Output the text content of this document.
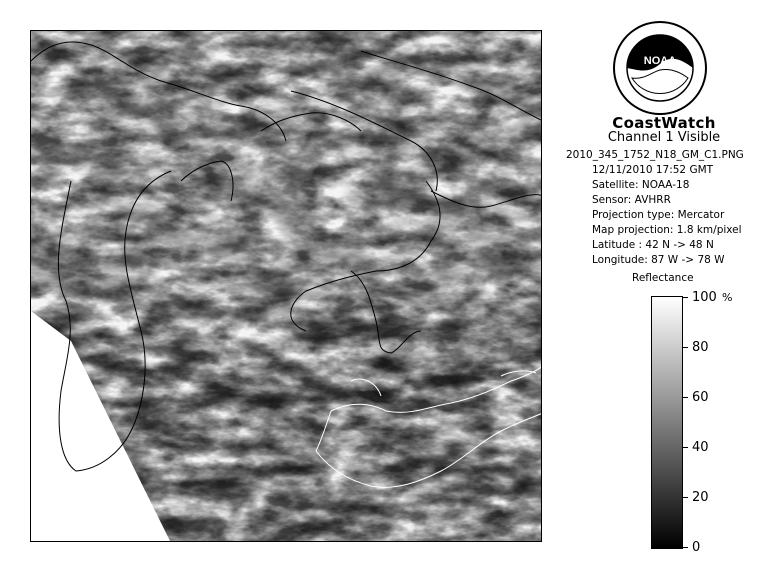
NOAA
CoastWatch
Channel 1 Visible
2010_345_1752_N18_GM_C1.PNG
12/11/2010 17:52 GMT
Satellite: NOAA-18
Sensor: AVHRR
Projection type: Mercator
Map projection: 1.8 km/pixel
Latitude : 42 N -> 48 N
Longitude: 87 W -> 78 W
Reflectance
%
100
80
60
40
20
0
